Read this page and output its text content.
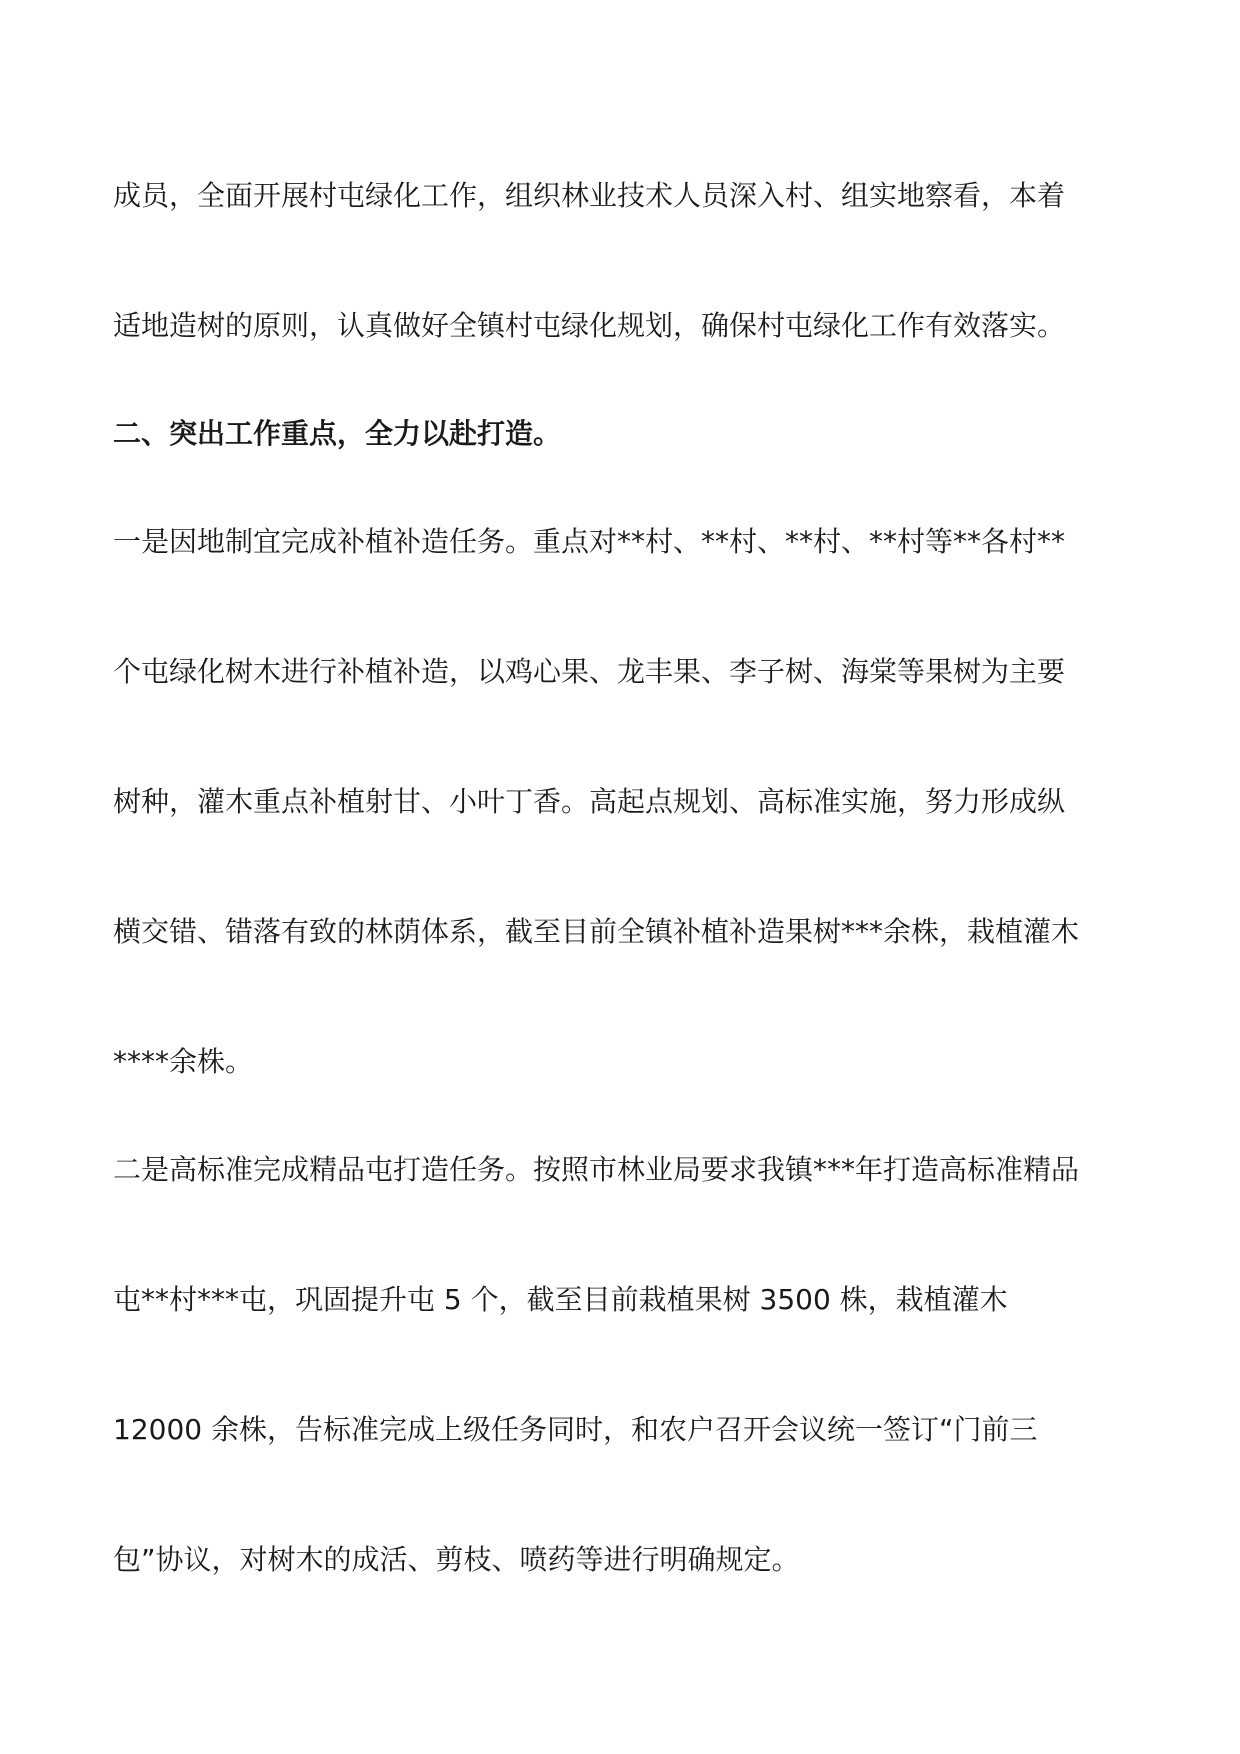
成员，全面开展村屯绿化工作，组织林业技术人员深入村、组实地察看，本着
适地造树的原则，认真做好全镇村屯绿化规划，确保村屯绿化工作有效落实。
二、突出工作重点，全力以赴打造。
一是因地制宜完成补植补造任务。重点对**村、**村、**村、**村等**各村**
个屯绿化树木进行补植补造，以鸡心果、龙丰果、李子树、海棠等果树为主要
树种，灌木重点补植射甘、小叶丁香。高起点规划、高标准实施，努力形成纵
横交错、错落有致的林荫体系，截至目前全镇补植补造果树***余株，栽植灌木
****余株。
二是高标准完成精品屯打造任务。按照市林业局要求我镇***年打造高标准精品
屯**村***屯，巩固提升屯 5 个，截至目前栽植果树 3500 株，栽植灌木
12000 余株，告标准完成上级任务同时，和农户召开会议统一签订“门前三
包”协议，对树木的成活、剪枝、喷药等进行明确规定。
